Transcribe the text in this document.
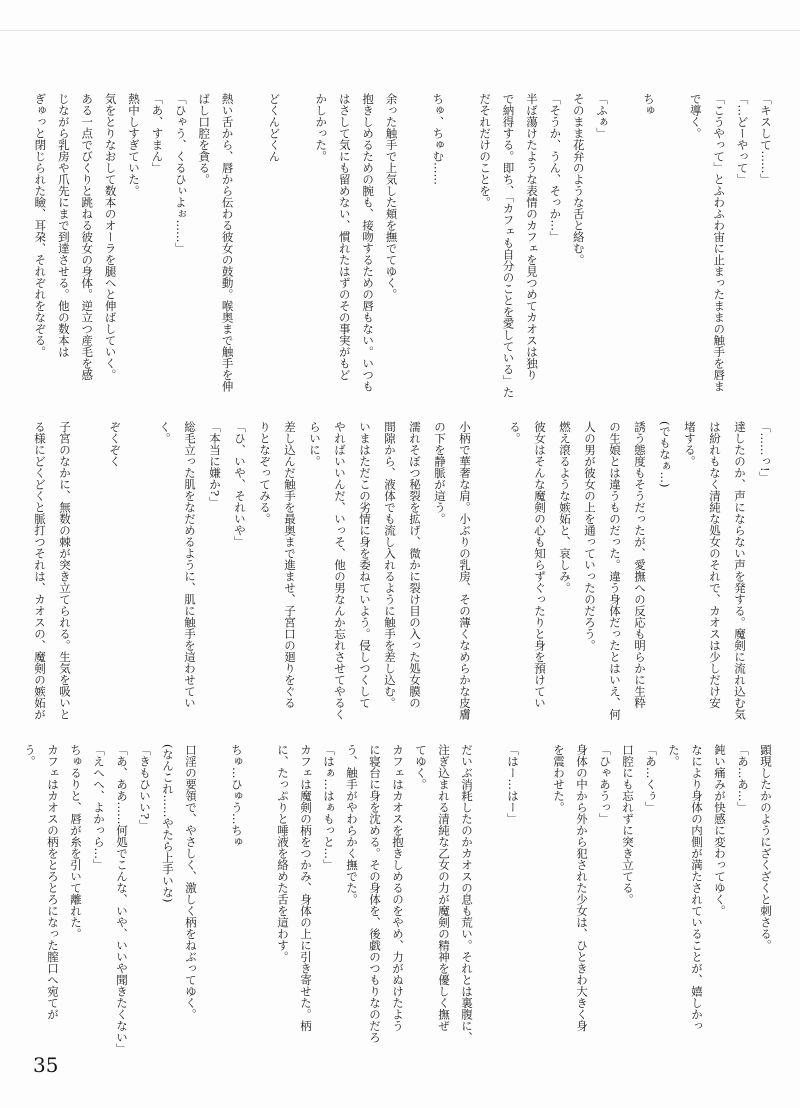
「キスして……」
「…どーやって」
「こうやって」とふわふわ宙に止まったままの触手を唇ま
で導く。

ちゅ

「ふぁ」
そのまま花弁のような舌と絡む。
「そうか、うん、そっか…」
半ば蕩けたような表情のカフェを見つめてカオスは独り
で納得する。即ち、「カフェも自分のことを愛している」た
だそれだけのことを。

ちゅ、ちゅむ……

余った触手で上気した頬を撫でてゆく。
抱きしめるための腕も、接吻するための唇もない。いつも
はさして気にも留めない、慣れたはずのその事実がもど
かしかった。

どくんどくん

熱い舌から、唇から伝わる彼女の鼓動。喉奥まで触手を伸
ばし口腔を貪る。
「ひゃう、くるひぃよぉ……」
「あ、すまん」
熱中しすぎていた。
気をとりなおして数本のオーラを腿へと伸ばしていく。
ある一点でびくりと跳ねる彼女の身体。逆立つ産毛を感
じながら乳房や爪先にまで到達させる。他の数本は
ぎゅっと閉じられた瞼、耳朶、それぞれをなぞる。
「……っ!」
達したのか、声にならない声を発する。魔剣に流れ込む気
は紛れもなく清純な処女のそれで、カオスは少しだけ安
堵する。
(でもなぁ…)
誘う態度もそうだったが、愛撫への反応も明らかに生粋
の生娘とは違うものだった。違う身体だったとはいえ、何
人の男が彼女の上を通っていったのだろう。
燃え滾るような嫉妬と、哀しみ。
彼女はそんな魔剣の心も知らずぐったりと身を預けてい
る。

小柄で華奢な肩。小ぶりの乳房、その薄くなめらかな皮膚
の下を静脈が這う。
濡れそぼつ秘裂を拡げ、微かに裂け目の入った処女膜の
間隙から、液体でも流し入れるように触手を差し込む。
いまはただこの劣情に身を委ねていよう。侵しつくして
やればいいんだ、いっそ、他の男なんか忘れさせてやるく
らいに。
差し込んだ触手を最奥まで進ませ、子宮口の廻りをぐる
りとなぞってみる。
「ひ、いや、それいや」
「本当に嫌か?」
総毛立った肌をなだめるように、肌に触手を這わせてい
く。

ぞくぞく

子宮のなかに、無数の棘が突き立てられる。生気を吸いと
る様にどくどくと脈打つそれは、カオスの、魔剣の嫉妬が
顕現したかのようにざくざくと刺さる。
「あ…あ…」
鈍い痛みが快感に変わってゆく。
なにより身体の内側が満たされていることが、嬉しかっ
た。
「あ…くぅ」
口腔にも忘れずに突き立てる。
「ひゃあうっ」
身体の中から外から犯された少女は、ひときわ大きく身
を震わせた。

「はー…はー」

だいぶ消耗したのかカオスの息も荒い。それとは裏腹に、
注ぎ込まれる清純な乙女の力が魔剣の精神を優しく撫ぜ
てゆく。
カフェはカオスを抱きしめるのをやめ、力がぬけたよう
に寝台に身を沈める。その身体を、後戯のつもりなのだろ
う、触手がやわらかく撫でた。
「はぁ…はぁもっと…」
カフェは魔剣の柄をつかみ、身体の上に引き寄せた。柄
に、たっぷりと唾液を絡めた舌を這わす。

ちゅ…ひゅう…ちゅ

口淫の要領で、やさしく、激しく柄をねぶってゆく。
(なんこれ……やたら上手いな)
「きもひいい?」
「あ、ああ……何処でこんな、いや、いいや聞きたくない」
「えへへ、よかっら…」
ちゅるりと、唇が糸を引いて離れた。
カフェはカオスの柄をとろとろになった膣口へ宛てが
う。
35
